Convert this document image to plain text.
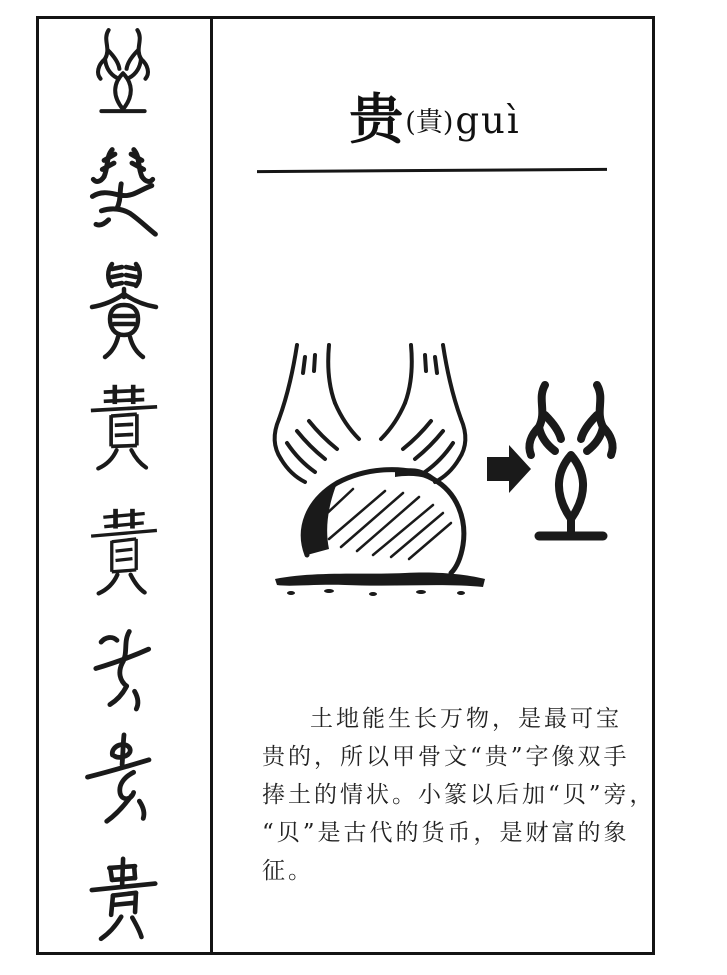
贵 (貴) guì
土地能生长万物，是最可宝
贵的，所以甲骨文“贵”字像双手
捧土的情状。小篆以后加“贝”旁，
“贝”是古代的货币，是财富的象
征。
